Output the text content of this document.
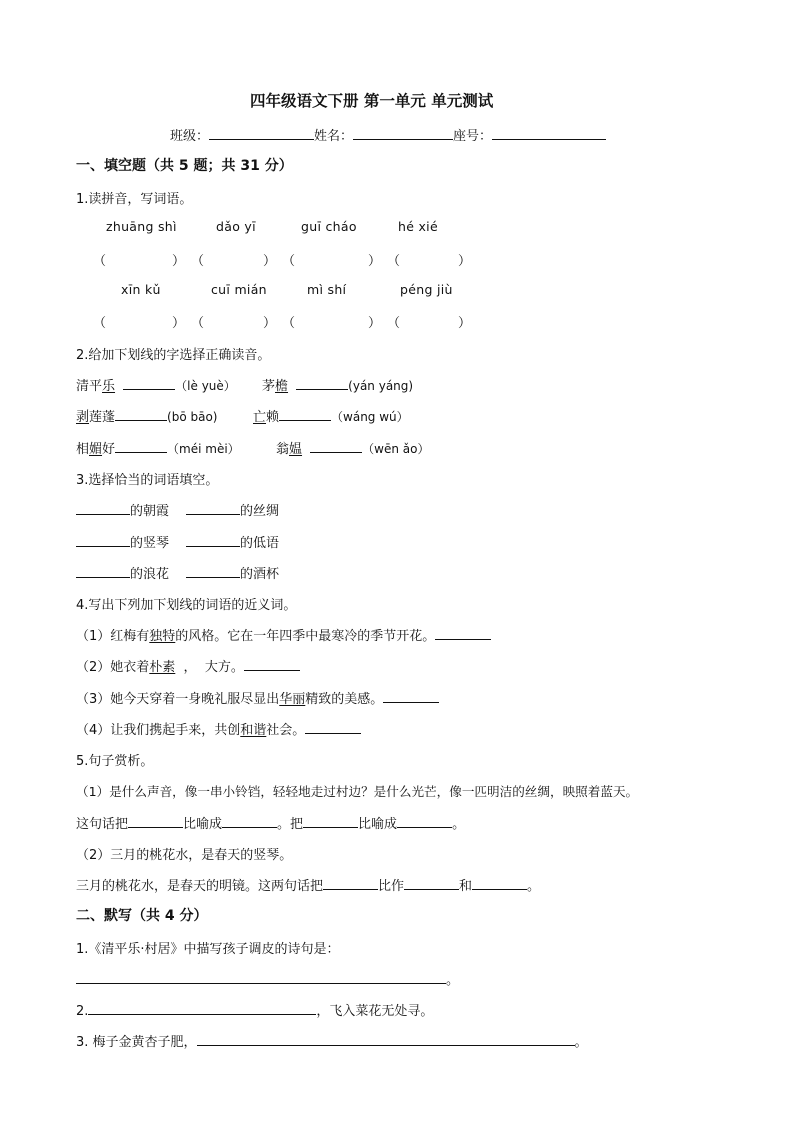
四年级语文下册 第一单元 单元测试
班级：	姓名：	座号：
一、填空题（共 5 题；共 31 分）
1.读拼音，写词语。
zhuāng shì	dǎo yī	guī cháo	hé xié
（	） （	） （	） （	）
xīn kǔ	cuī mián	mì shí	péng jiù
（	） （	） （	） （	）
2.给加下划线的字选择正确读音。
清平乐	（lè yuè） 茅檐	(yán yáng)
剥莲蓬	(bō bāo)	亡赖	（wáng wú）
相媚好	（méi mèi）	翁媪	（wēn ǎo）
3.选择恰当的词语填空。
的朝霞	的丝绸
的竖琴	的低语
的浪花	的酒杯
4.写出下列加下划线的词语的近义词。
（1）红梅有独特的风格。它在一年四季中最寒冷的季节开花。
（2）她衣着朴素  ，  大方。
（3）她今天穿着一身晚礼服尽显出华丽精致的美感。
（4）让我们携起手来，共创和谐社会。
5.句子赏析。
（1）是什么声音，像一串小铃铛，轻轻地走过村边？是什么光芒，像一匹明洁的丝绸，映照着蓝天。
这句话把	比喻成	。把	比喻成	。
（2）三月的桃花水，是春天的竖琴。
三月的桃花水，是春天的明镜。这两句话把	比作	和	。
二、默写（共 4 分）
1.《清平乐·村居》中描写孩子调皮的诗句是：
。
2.	，飞入菜花无处寻。
3. 梅子金黄杏子肥，	。
